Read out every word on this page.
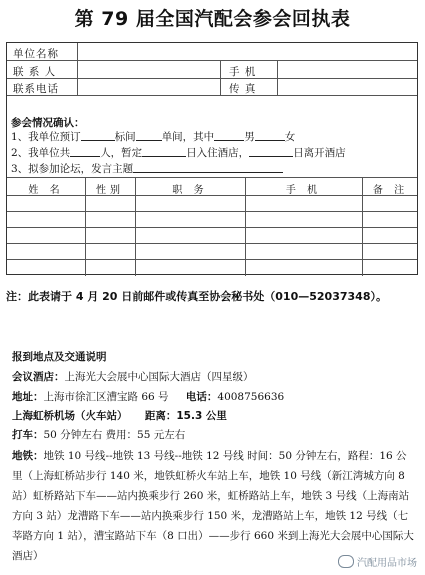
第 79 届全国汽配会参会回执表
单位名称
联 系 人	手 机
联系电话	传 真
参会情况确认：
1、我单位预订	标间 单间，其中	男	女
2、我单位共	人，暂定	日入住酒店，	日离开酒店
3、拟参加论坛，发言主题
姓 名	性别	职 务	手 机	备 注
注：此表请于 4 月 20 日前邮件或传真至协会秘书处（010—52037348）。
报到地点及交通说明
会议酒店：上海光大会展中心国际大酒店（四星级）
地址：上海市徐汇区漕宝路 66 号 电话：4008756636
上海虹桥机场（火车站） 距离：15.3 公里
打车：50 分钟左右 费用：55 元左右
地铁：地铁 10 号线--地铁 13 号线--地铁 12 号线 时间：50 分钟左右，路程：16 公里（上海虹桥站步行 140 米，地铁虹桥火车站上车，地铁 10 号线（新江湾城方向 8 站）虹桥路站下车——站内换乘步行 260 米，虹桥路站上车，地铁 3 号线（上海南站方向 3 站）龙漕路下车——站内换乘步行 150 米，龙漕路站上车，地铁 12 号线（七莘路方向 1 站），漕宝路站下车（8 口出）——步行 660 米到上海光大会展中心国际大酒店）
汽配用品市场
